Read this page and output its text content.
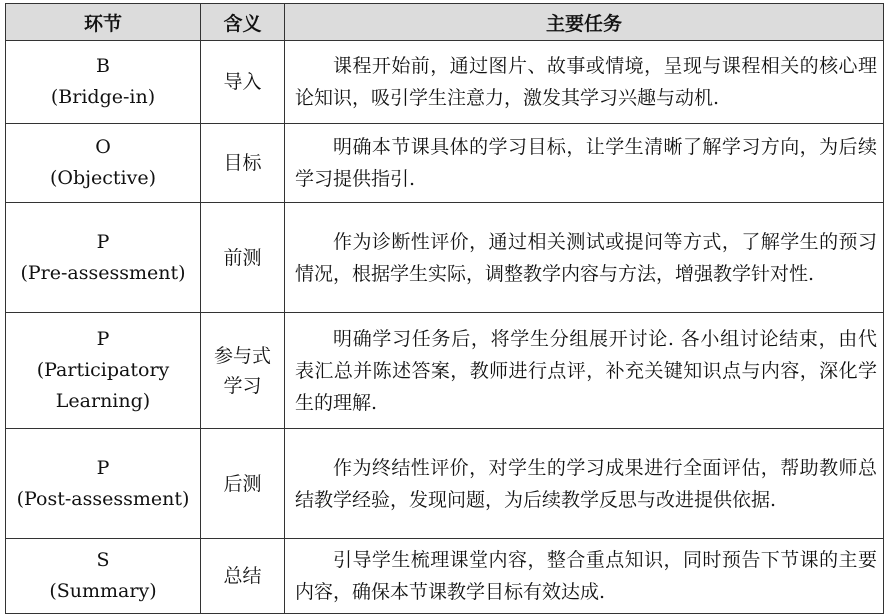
环节	含义	主要任务

B
(Bridge-in)	导入	课程开始前，通过图片、故事或情境，呈现与课程相关的核心理论知识，吸引学生注意力，激发其学习兴趣与动机.

O
(Objective)	目标	明确本节课具体的学习目标，让学生清晰了解学习方向，为后续学习提供指引.

P
(Pre-assessment)	前测	作为诊断性评价，通过相关测试或提问等方式，了解学生的预习情况，根据学生实际，调整教学内容与方法，增强教学针对性.

P
(Participatory Learning)	参与式学习	明确学习任务后，将学生分组展开讨论. 各小组讨论结束，由代表汇总并陈述答案，教师进行点评，补充关键知识点与内容，深化学生的理解.

P
(Post-assessment)	后测	作为终结性评价，对学生的学习成果进行全面评估，帮助教师总结教学经验，发现问题，为后续教学反思与改进提供依据.

S
(Summary)	总结	引导学生梳理课堂内容，整合重点知识，同时预告下节课的主要内容，确保本节课教学目标有效达成.
